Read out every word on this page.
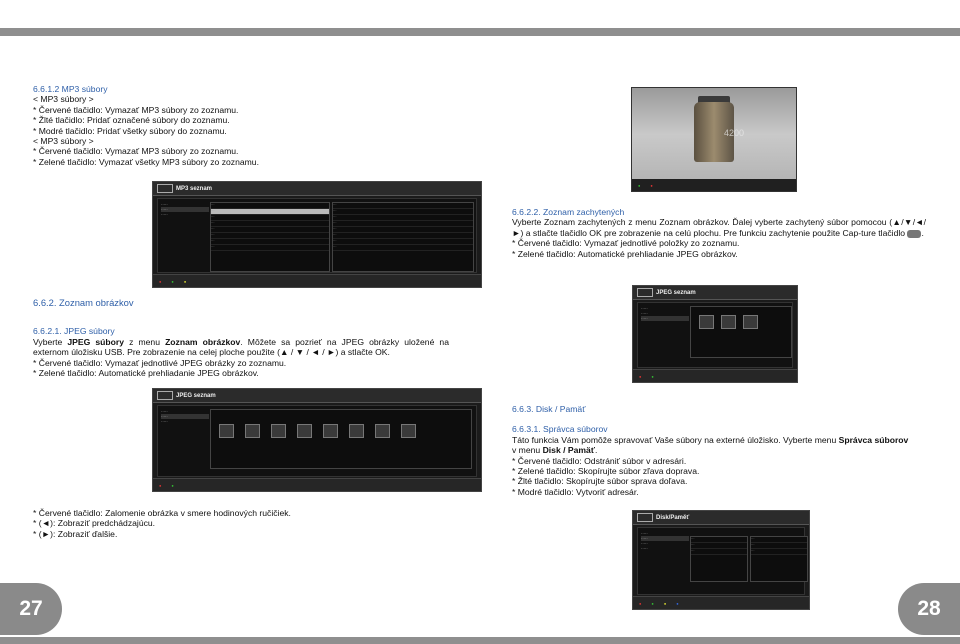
27	28
6.6.1.2 MP3 súbory
< MP3 súbory >
* Červené tlačidlo: Vymazať MP3 súbory zo zoznamu.
* Žlté tlačidlo: Pridať označené súbory do zoznamu.
* Modré tlačidlo: Pridať všetky súbory do zoznamu.
< MP3 súbory >
* Červené tlačidlo: Vymazať MP3 súbory zo zoznamu.
* Zelené tlačidlo: Vymazať všetky MP3 súbory zo zoznamu.
MP3 seznam
·····
·····
·····
···
···
···
···
···
···
···
···
···
···
···
···
···
···
···
···
●	●	●
4200
●	●
6.6.2.2. Zoznam zachytených
Vyberte Zoznam zachytených z menu Zoznam obrázkov. Ďalej vyberte zachytený súbor pomocou (▲/▼/◄/►) a stlačte tlačidlo OK pre zobrazenie na celú plochu. Pre funkciu zachytenie použite Cap-ture tlačidlo .
* Červené tlačidlo: Vymazať jednotlivé položky zo zoznamu.
* Zelené tlačidlo: Automatické prehliadanie JPEG obrázkov.
6.6.2. Zoznam obrázkov
6.6.2.1. JPEG súbory
Vyberte JPEG súbory z menu Zoznam obrázkov. Môžete sa pozrieť na JPEG obrázky uložené na externom úložisku USB. Pre zobrazenie na celej ploche použite (▲ / ▼ / ◄ / ►) a stlačte OK.
* Červené tlačidlo: Vymazať jednotlivé JPEG obrázky zo zoznamu.
* Zelené tlačidlo: Automatické prehliadanie JPEG obrázkov.
JPEG seznam
·····
·····
·····
●	●
JPEG seznam
·····
·····
·····
●	●
* Červené tlačidlo: Zalomenie obrázka v smere hodinových ručičiek.
* (◄): Zobraziť predchádzajúcu.
* (►): Zobraziť ďalšie.
6.6.3. Disk / Pamäť
6.6.3.1. Správca súborov
Táto funkcia Vám pomôže spravovať Vaše súbory na externé úložisko. Vyberte menu Správca súborov
v menu Disk / Pamäť.
* Červené tlačidlo: Odstrániť súbor v adresári.
* Zelené tlačidlo: Skopírujte súbor zľava doprava.
* Žlté tlačidlo: Skopírujte súbor sprava doľava.
* Modré tlačidlo: Vytvoriť adresár.
Disk/Paměť
·····
·····
·····
·····
···
···
···
···
···
···
●	●	●	●
